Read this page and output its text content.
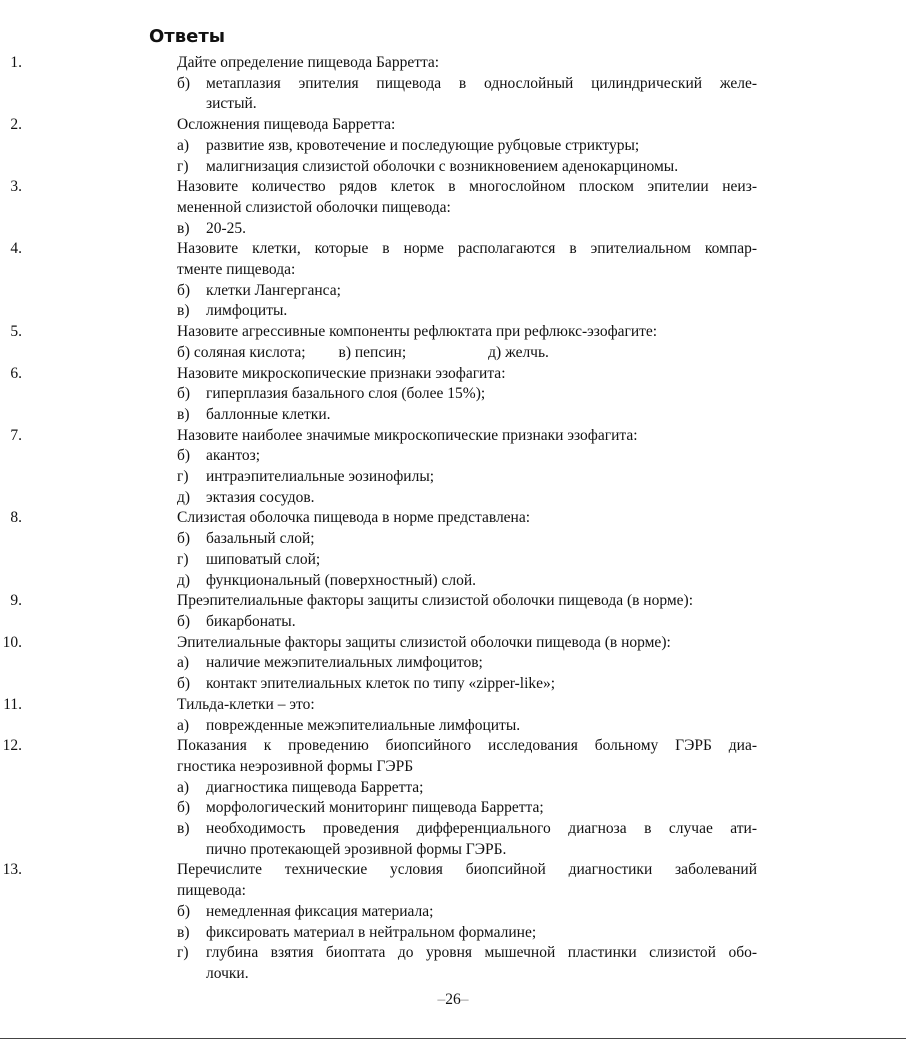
Ответы
1.	Дайте определение пищевода Барретта:
б) метаплазия эпителия пищевода в однослойный цилиндрический желе-
зистый.
2.	Осложнения пищевода Барретта:
а) развитие язв, кровотечение и последующие рубцовые стриктуры;
г) малигнизация слизистой оболочки с возникновением аденокарциномы.
3.	Назовите количество рядов клеток в многослойном плоском эпителии неиз-
мененной слизистой оболочки пищевода:
в) 20-25.
4.	Назовите клетки, которые в норме располагаются в эпителиальном компар-
тменте пищевода:
б) клетки Лангерганса;
в) лимфоциты.
5.	Назовите агрессивные компоненты рефлюктата при рефлюкс-эзофагите:
б) соляная кислота; в) пепсин;	д) желчь.
6.	Назовите микроскопические признаки эзофагита:
б) гиперплазия базального слоя (более 15%);
в) баллонные клетки.
7.	Назовите наиболее значимые микроскопические признаки эзофагита:
б) акантоз;
г) интраэпителиальные эозинофилы;
д) эктазия сосудов.
8.	Слизистая оболочка пищевода в норме представлена:
б) базальный слой;
г) шиповатый слой;
д) функциональный (поверхностный) слой.
9.	Преэпителиальные факторы защиты слизистой оболочки пищевода (в норме):
б) бикарбонаты.
10.	Эпителиальные факторы защиты слизистой оболочки пищевода (в норме):
а) наличие межэпителиальных лимфоцитов;
б) контакт эпителиальных клеток по типу «zipper-like»;
11.	Тильда-клетки – это:
а) поврежденные межэпителиальные лимфоциты.
12.	Показания к проведению биопсийного исследования больному ГЭРБ диа-
гностика неэрозивной формы ГЭРБ
а) диагностика пищевода Барретта;
б) морфологический мониторинг пищевода Барретта;
в) необходимость проведения дифференциального диагноза в случае ати-
пично протекающей эрозивной формы ГЭРБ.
13.	Перечислите технические условия биопсийной диагностики заболеваний
пищевода:
б) немедленная фиксация материала;
в) фиксировать материал в нейтральном формалине;
г) глубина взятия биоптата до уровня мышечной пластинки слизистой обо-
лочки.
–26–
